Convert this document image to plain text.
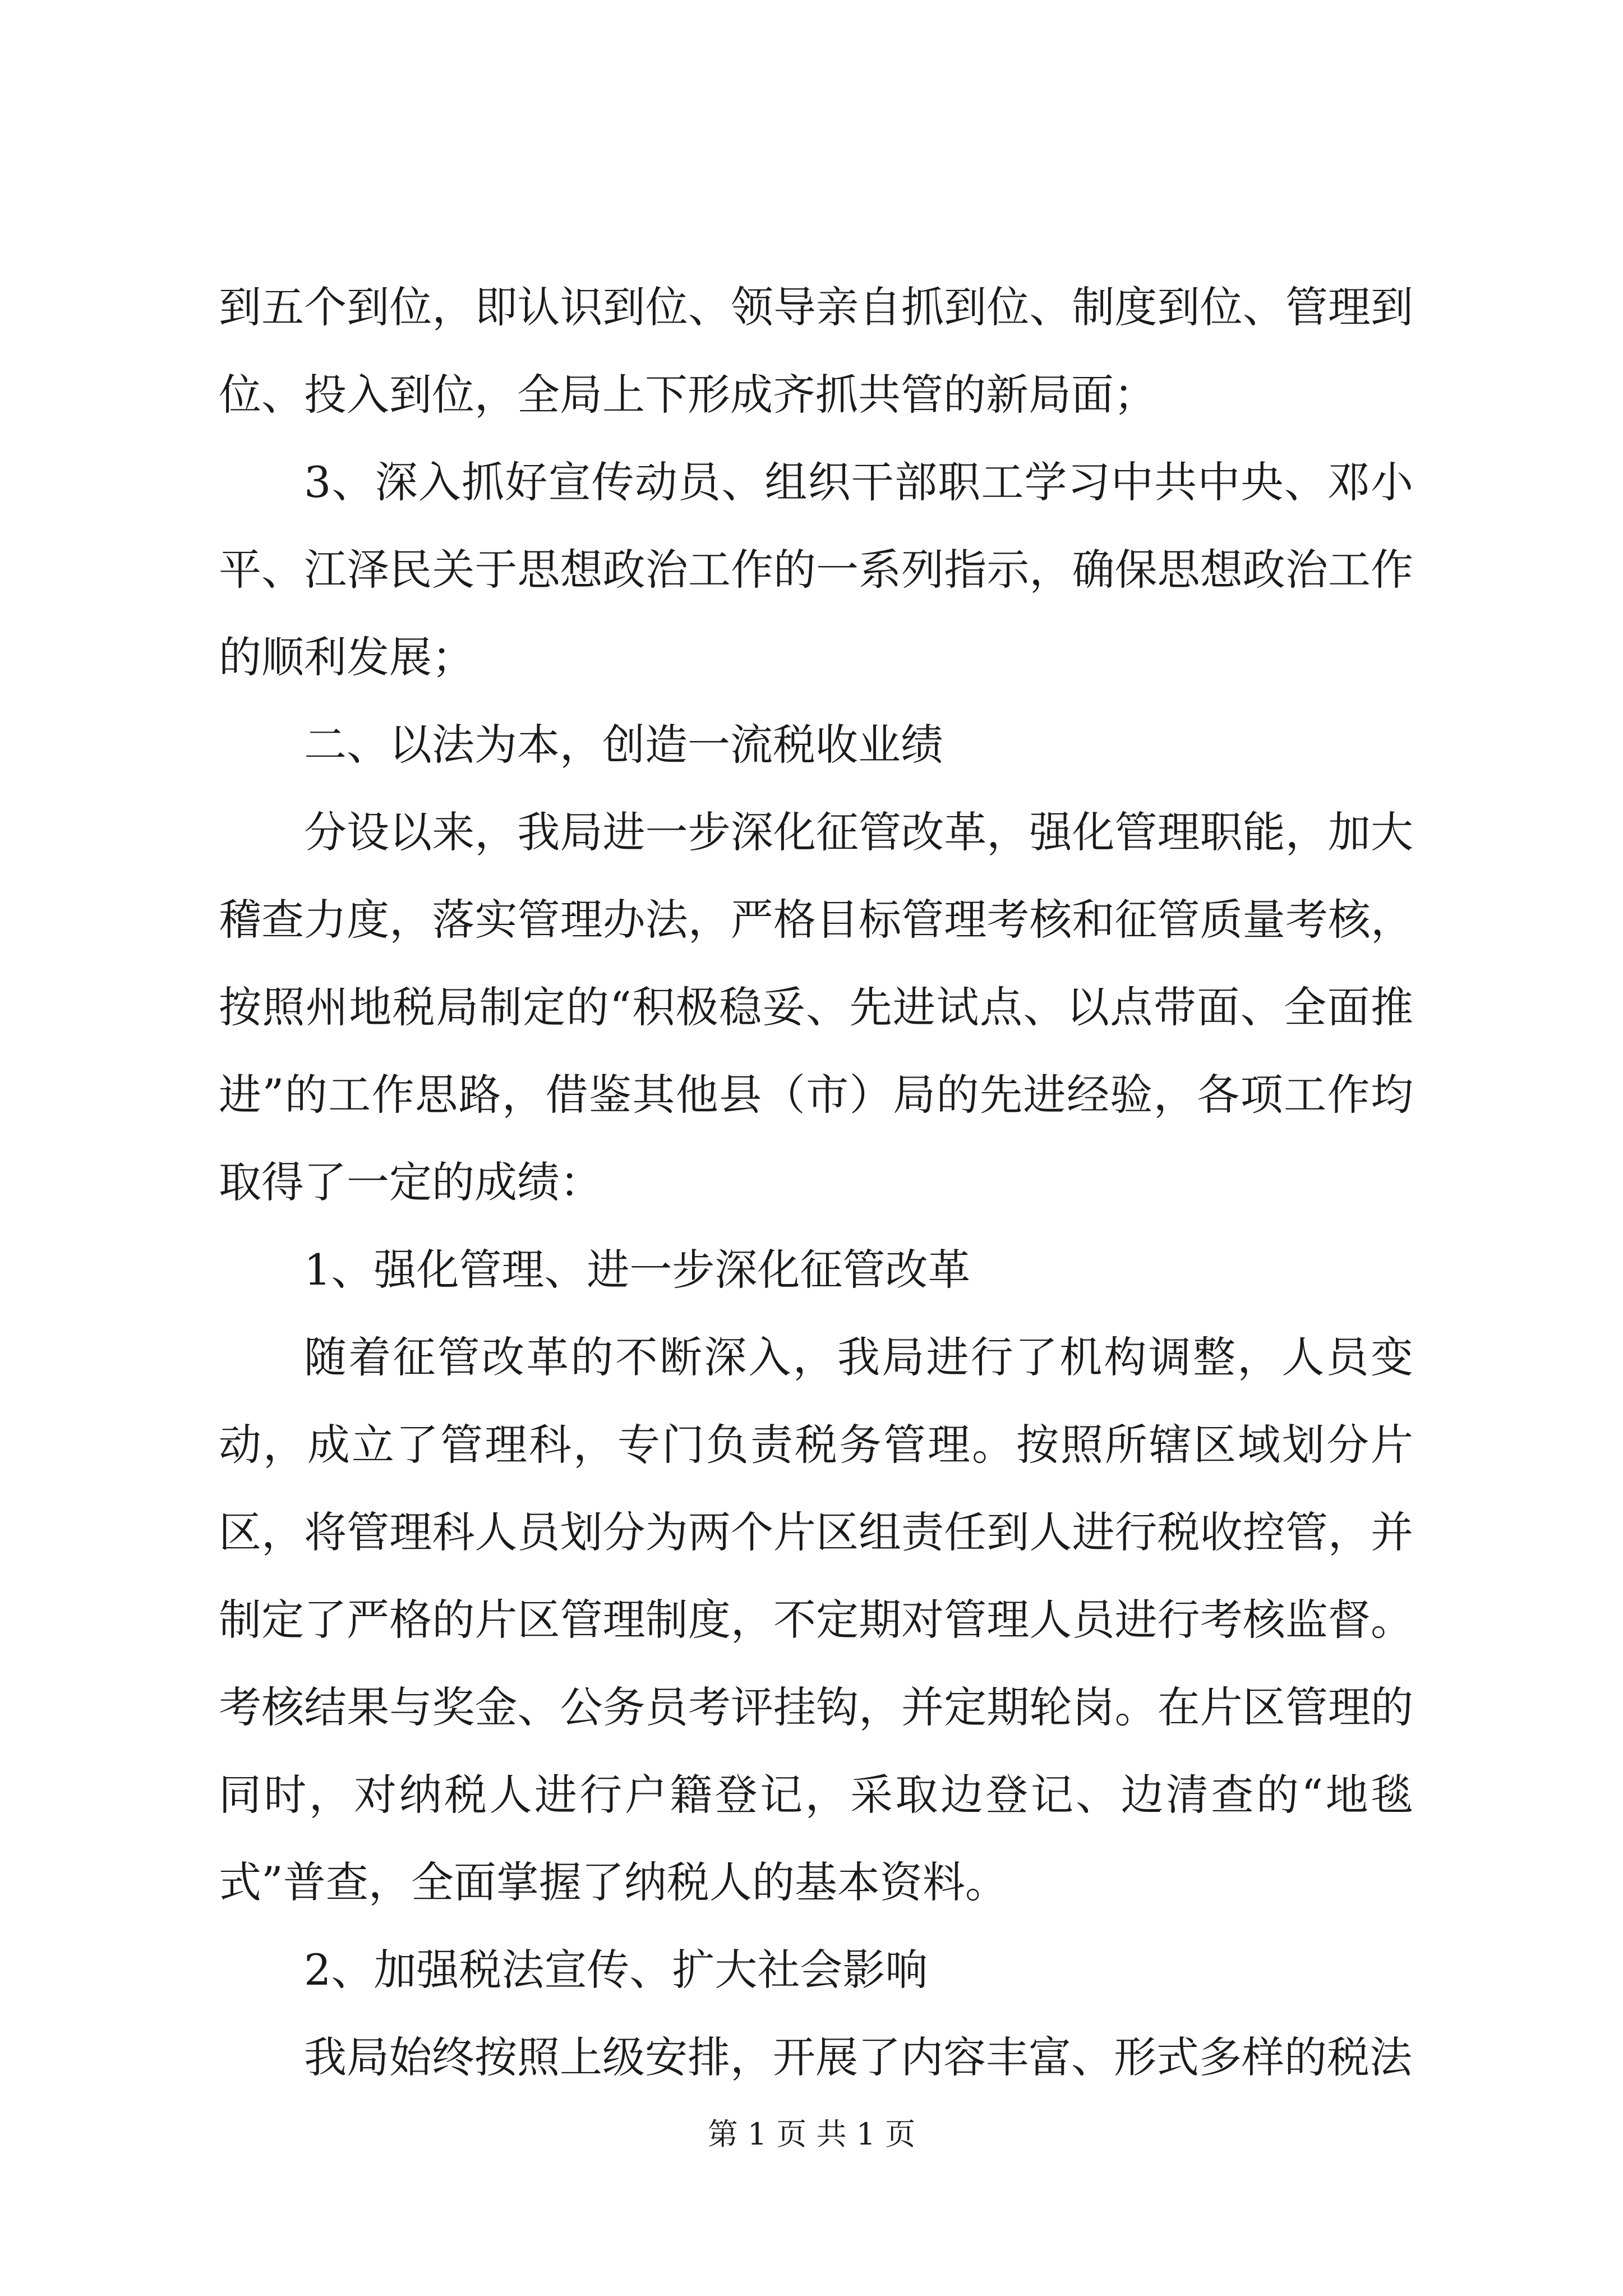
到五个到位，即认识到位、领导亲自抓到位、制度到位、管理到位、投入到位，全局上下形成齐抓共管的新局面；

3、深入抓好宣传动员、组织干部职工学习中共中央、邓小平、江泽民关于思想政治工作的一系列指示，确保思想政治工作的顺利发展；

二、以法为本，创造一流税收业绩

分设以来，我局进一步深化征管改革，强化管理职能，加大稽查力度，落实管理办法，严格目标管理考核和征管质量考核，按照州地税局制定的“积极稳妥、先进试点、以点带面、全面推进”的工作思路，借鉴其他县（市）局的先进经验，各项工作均取得了一定的成绩：

1、强化管理、进一步深化征管改革

随着征管改革的不断深入，我局进行了机构调整，人员变动，成立了管理科，专门负责税务管理。按照所辖区域划分片区，将管理科人员划分为两个片区组责任到人进行税收控管，并制定了严格的片区管理制度，不定期对管理人员进行考核监督。考核结果与奖金、公务员考评挂钩，并定期轮岗。在片区管理的同时，对纳税人进行户籍登记，采取边登记、边清查的“地毯式”普查，全面掌握了纳税人的基本资料。

2、加强税法宣传、扩大社会影响

我局始终按照上级安排，开展了内容丰富、形式多样的税法

第 1 页 共 1 页
